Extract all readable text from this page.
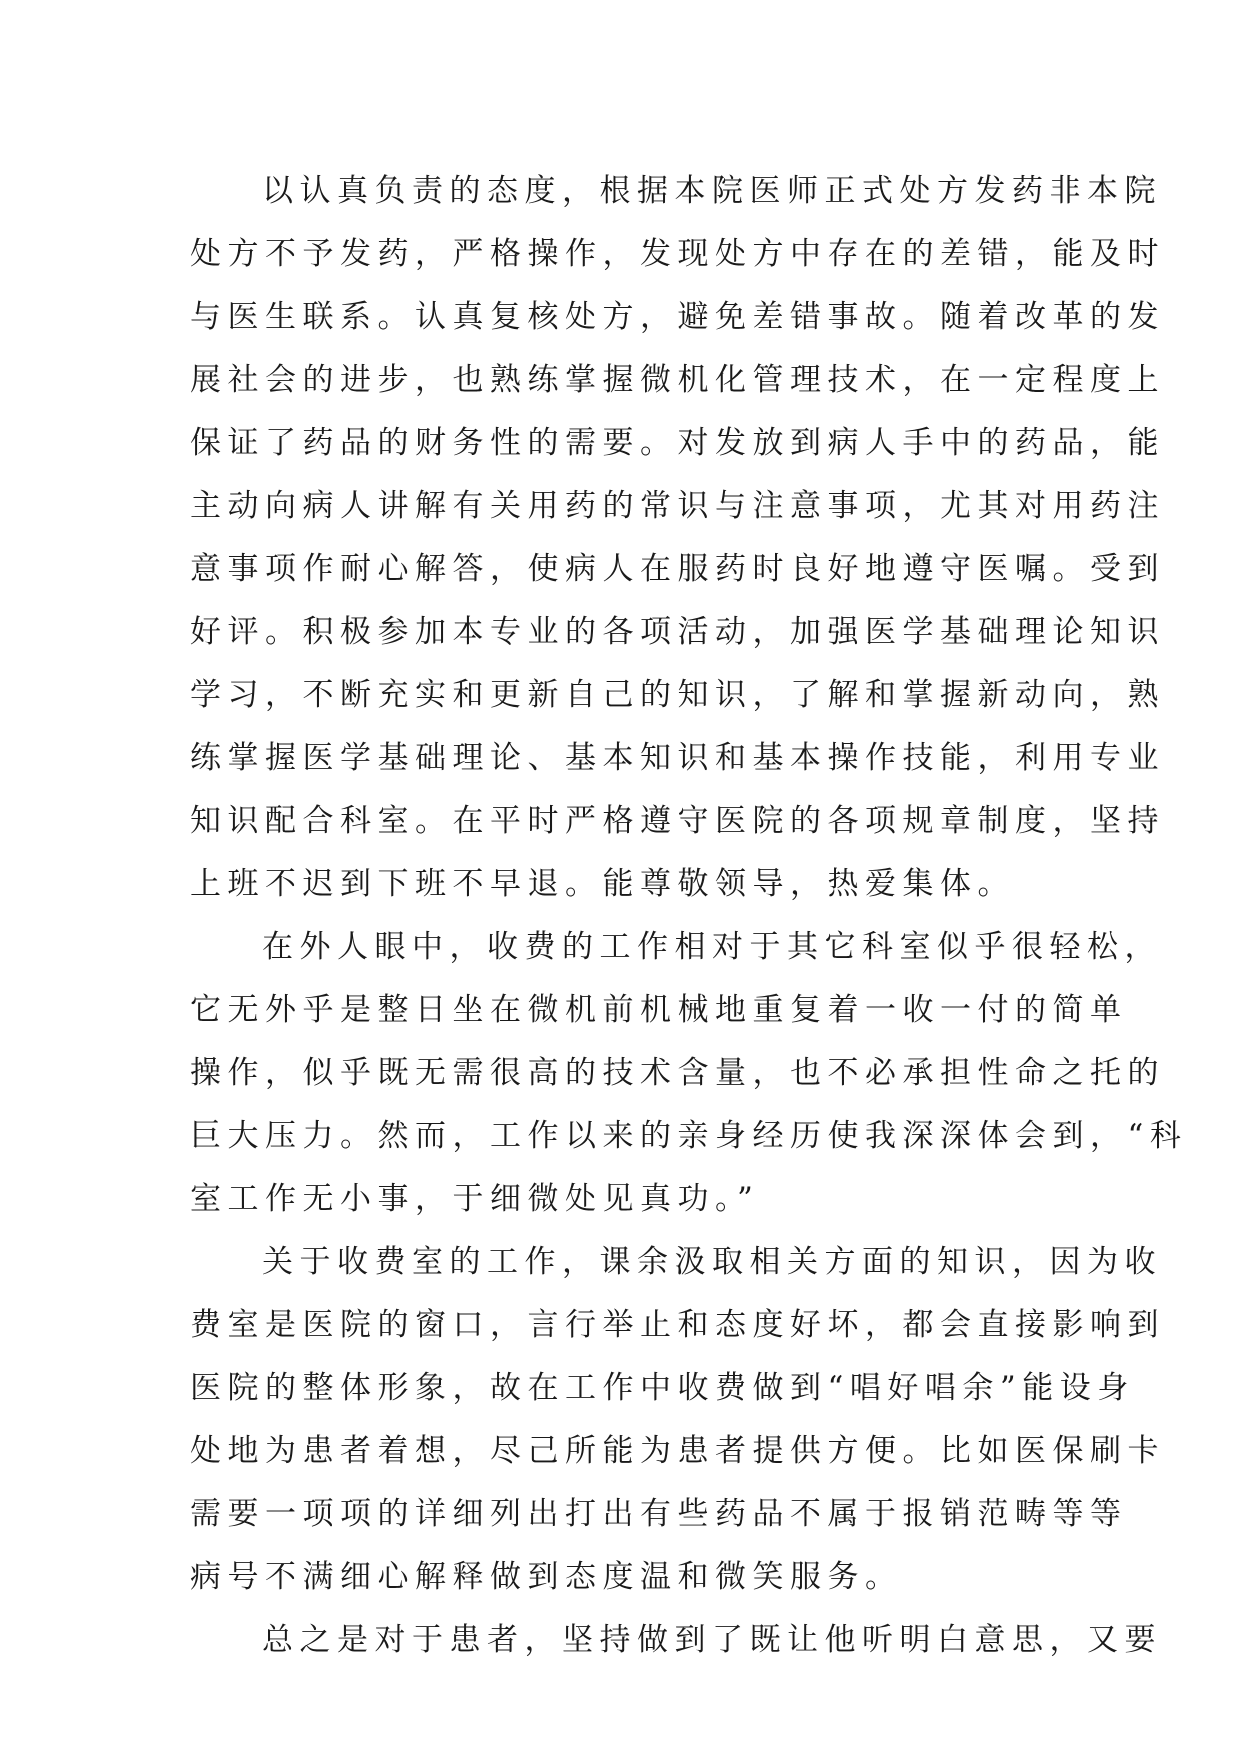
以认真负责的态度，根据本院医师正式处方发药非本院
处方不予发药，严格操作，发现处方中存在的差错，能及时
与医生联系。认真复核处方，避免差错事故。随着改革的发
展社会的进步，也熟练掌握微机化管理技术，在一定程度上
保证了药品的财务性的需要。对发放到病人手中的药品，能
主动向病人讲解有关用药的常识与注意事项，尤其对用药注
意事项作耐心解答，使病人在服药时良好地遵守医嘱。受到
好评。积极参加本专业的各项活动，加强医学基础理论知识
学习，不断充实和更新自己的知识，了解和掌握新动向，熟
练掌握医学基础理论、基本知识和基本操作技能，利用专业
知识配合科室。在平时严格遵守医院的各项规章制度，坚持
上班不迟到下班不早退。能尊敬领导，热爱集体。
在外人眼中，收费的工作相对于其它科室似乎很轻松，
它无外乎是整日坐在微机前机械地重复着一收一付的简单
操作，似乎既无需很高的技术含量，也不必承担性命之托的
巨大压力。然而，工作以来的亲身经历使我深深体会到，“科
室工作无小事，于细微处见真功。”
关于收费室的工作，课余汲取相关方面的知识，因为收
费室是医院的窗口，言行举止和态度好坏，都会直接影响到
医院的整体形象，故在工作中收费做到“唱好唱余”能设身
处地为患者着想，尽己所能为患者提供方便。比如医保刷卡
需要一项项的详细列出打出有些药品不属于报销范畴等等
病号不满细心解释做到态度温和微笑服务。
总之是对于患者，坚持做到了既让他听明白意思，又要
